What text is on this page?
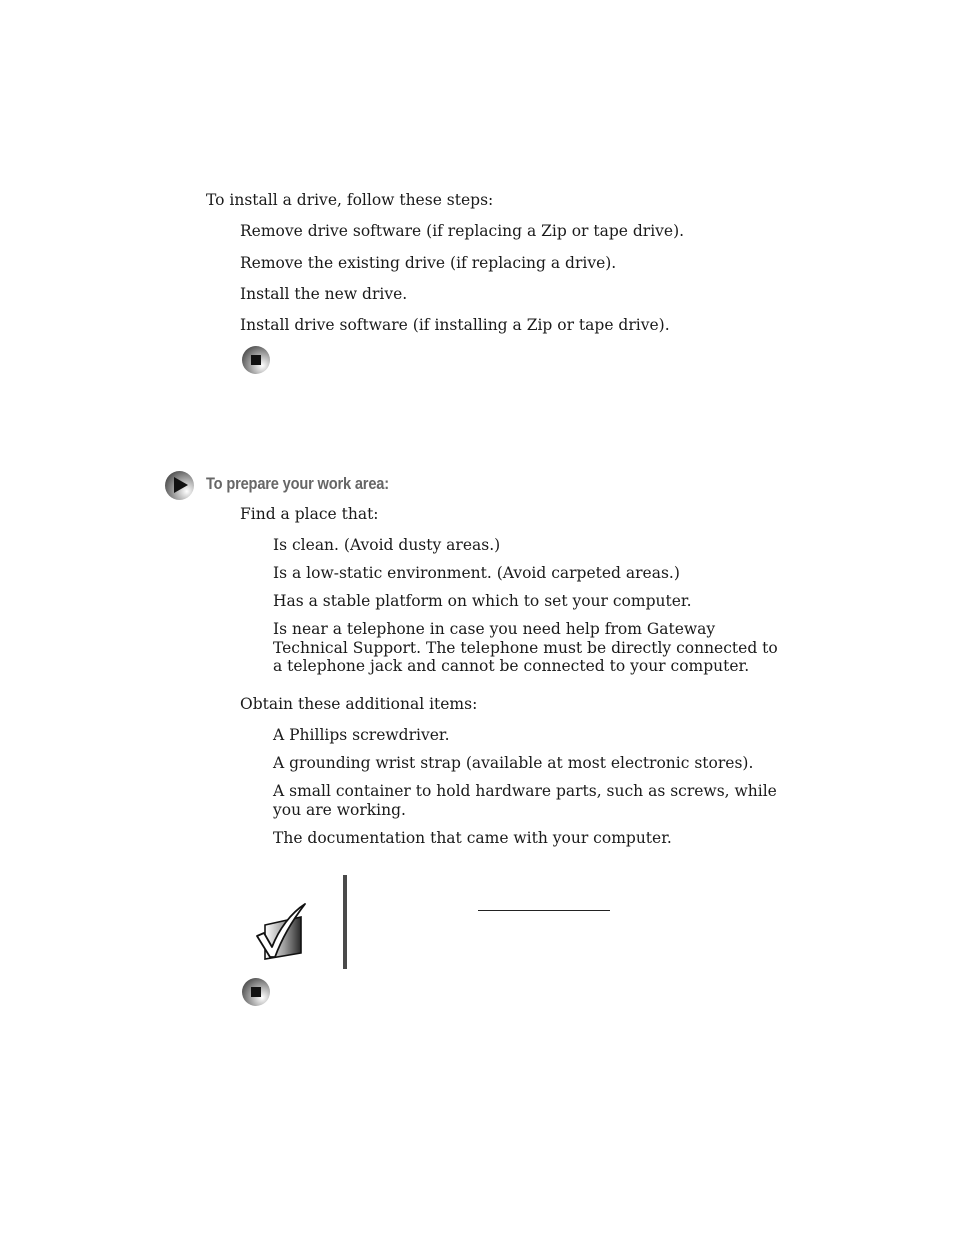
To install a drive, follow these steps:

Remove drive software (if replacing a Zip or tape drive).

Remove the existing drive (if replacing a drive).

Install the new drive.

Install drive software (if installing a Zip or tape drive).

To prepare your work area:

Find a place that:

Is clean. (Avoid dusty areas.)

Is a low-static environment. (Avoid carpeted areas.)

Has a stable platform on which to set your computer.

Is near a telephone in case you need help from Gateway Technical Support. The telephone must be directly connected to a telephone jack and cannot be connected to your computer.

Obtain these additional items:

A Phillips screwdriver.

A grounding wrist strap (available at most electronic stores).

A small container to hold hardware parts, such as screws, while you are working.

The documentation that came with your computer.
